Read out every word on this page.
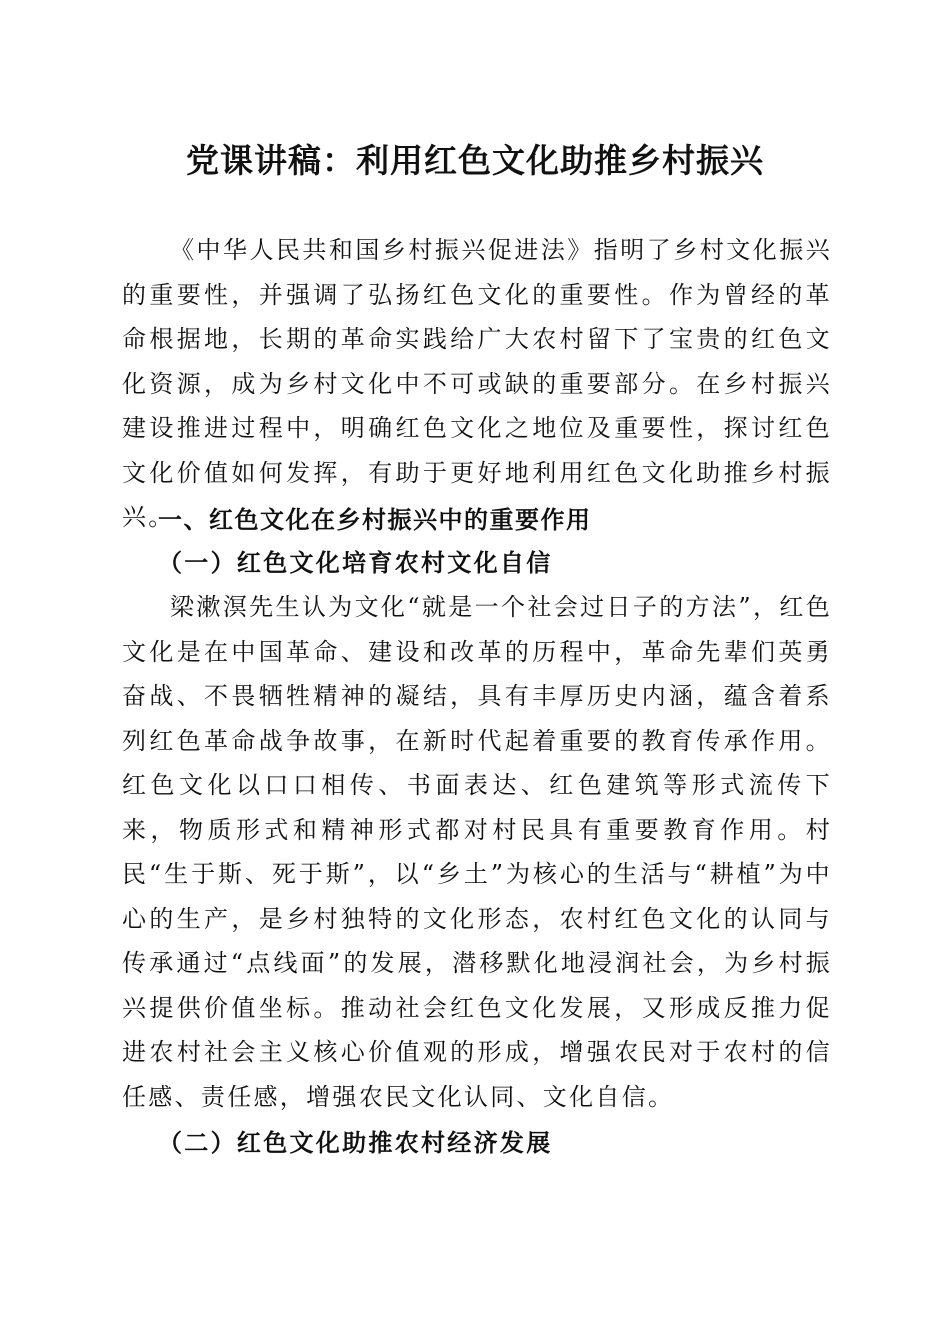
党课讲稿：利用红色文化助推乡村振兴

《中华人民共和国乡村振兴促进法》指明了乡村文化振兴的重要性，并强调了弘扬红色文化的重要性。作为曾经的革命根据地，长期的革命实践给广大农村留下了宝贵的红色文化资源，成为乡村文化中不可或缺的重要部分。在乡村振兴建设推进过程中，明确红色文化之地位及重要性，探讨红色文化价值如何发挥，有助于更好地利用红色文化助推乡村振兴。

一、红色文化在乡村振兴中的重要作用
（一）红色文化培育农村文化自信

梁漱溟先生认为文化“就是一个社会过日子的方法”，红色文化是在中国革命、建设和改革的历程中，革命先辈们英勇奋战、不畏牺牲精神的凝结，具有丰厚历史内涵，蕴含着系列红色革命战争故事，在新时代起着重要的教育传承作用。红色文化以口口相传、书面表达、红色建筑等形式流传下来，物质形式和精神形式都对村民具有重要教育作用。村民“生于斯、死于斯”，以“乡土”为核心的生活与“耕植”为中心的生产，是乡村独特的文化形态，农村红色文化的认同与传承通过“点线面”的发展，潜移默化地浸润社会，为乡村振兴提供价值坐标。推动社会红色文化发展，又形成反推力促进农村社会主义核心价值观的形成，增强农民对于农村的信任感、责任感，增强农民文化认同、文化自信。

（二）红色文化助推农村经济发展
